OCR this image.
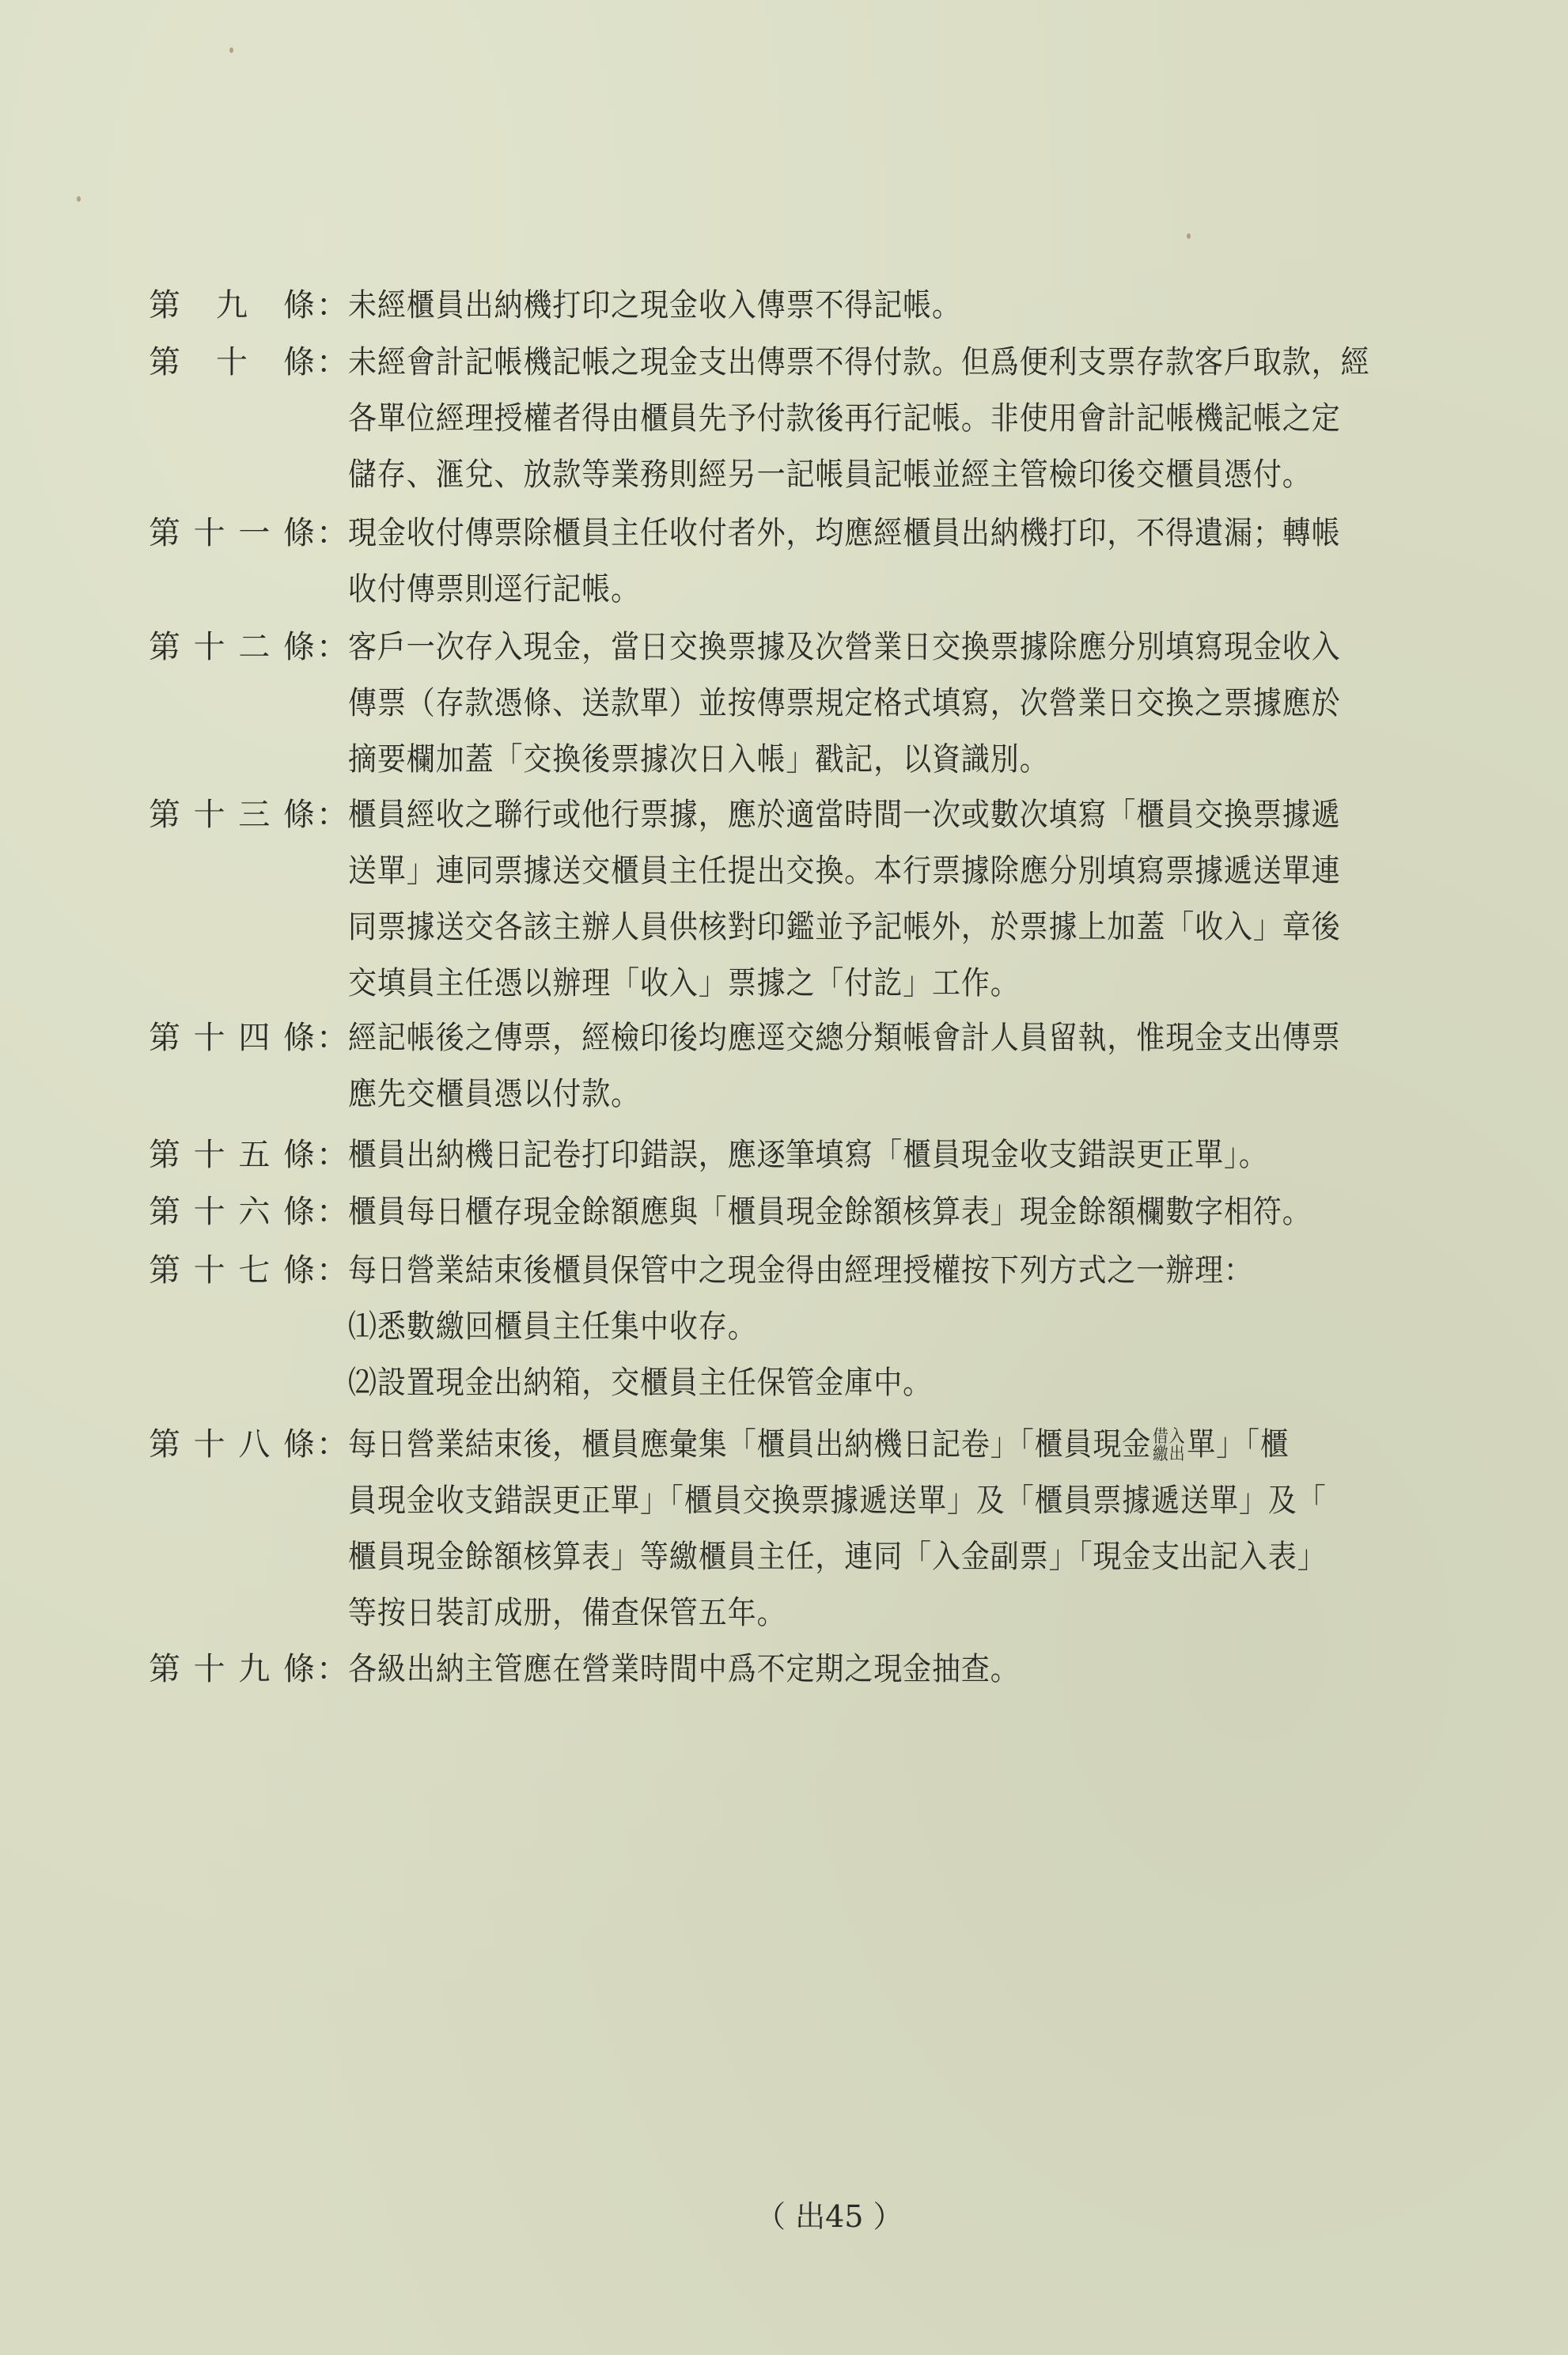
第 九 條 ： 未經櫃員出納機打印之現金收入傳票不得記帳。
第 十 條 ： 未經會計記帳機記帳之現金支出傳票不得付款。但爲便利支票存款客戶取款，經
各單位經理授權者得由櫃員先予付款後再行記帳。非使用會計記帳機記帳之定
儲存、滙兌、放款等業務則經另一記帳員記帳並經主管檢印後交櫃員憑付。
第 十 一 條 ： 現金收付傳票除櫃員主任收付者外，均應經櫃員出納機打印，不得遺漏；轉帳
收付傳票則逕行記帳。
第 十 二 條 ： 客戶一次存入現金，當日交換票據及次營業日交換票據除應分別填寫現金收入
傳票（存款憑條、送款單）並按傳票規定格式填寫，次營業日交換之票據應於
摘要欄加蓋「交換後票據次日入帳」戳記，以資識別。
第 十 三 條 ： 櫃員經收之聯行或他行票據，應於適當時間一次或數次填寫「櫃員交換票據遞
送單」連同票據送交櫃員主任提出交換。本行票據除應分別填寫票據遞送單連
同票據送交各該主辦人員供核對印鑑並予記帳外，於票據上加蓋「收入」章後
交填員主任憑以辦理「收入」票據之「付訖」工作。
第 十 四 條 ： 經記帳後之傳票，經檢印後均應逕交總分類帳會計人員留執，惟現金支出傳票
應先交櫃員憑以付款。
第 十 五 條 ： 櫃員出納機日記卷打印錯誤，應逐筆填寫「櫃員現金收支錯誤更正單」。
第 十 六 條 ： 櫃員每日櫃存現金餘額應與「櫃員現金餘額核算表」現金餘額欄數字相符。
第 十 七 條 ： 每日營業結束後櫃員保管中之現金得由經理授權按下列方式之一辦理：
⑴悉數繳回櫃員主任集中收存。
⑵設置現金出納箱，交櫃員主任保管金庫中。
第 十 八 條 ： 每日營業結束後，櫃員應彙集「櫃員出納機日記卷」「櫃員現金 借入
繳出 單」「櫃
員現金收支錯誤更正單」「櫃員交換票據遞送單」及「櫃員票據遞送單」及「
櫃員現金餘額核算表」等繳櫃員主任，連同「入金副票」「現金支出記入表」
等按日裝訂成册，備查保管五年。
第 十 九 條 ： 各級出納主管應在營業時間中爲不定期之現金抽查。
（ 出45 ）
